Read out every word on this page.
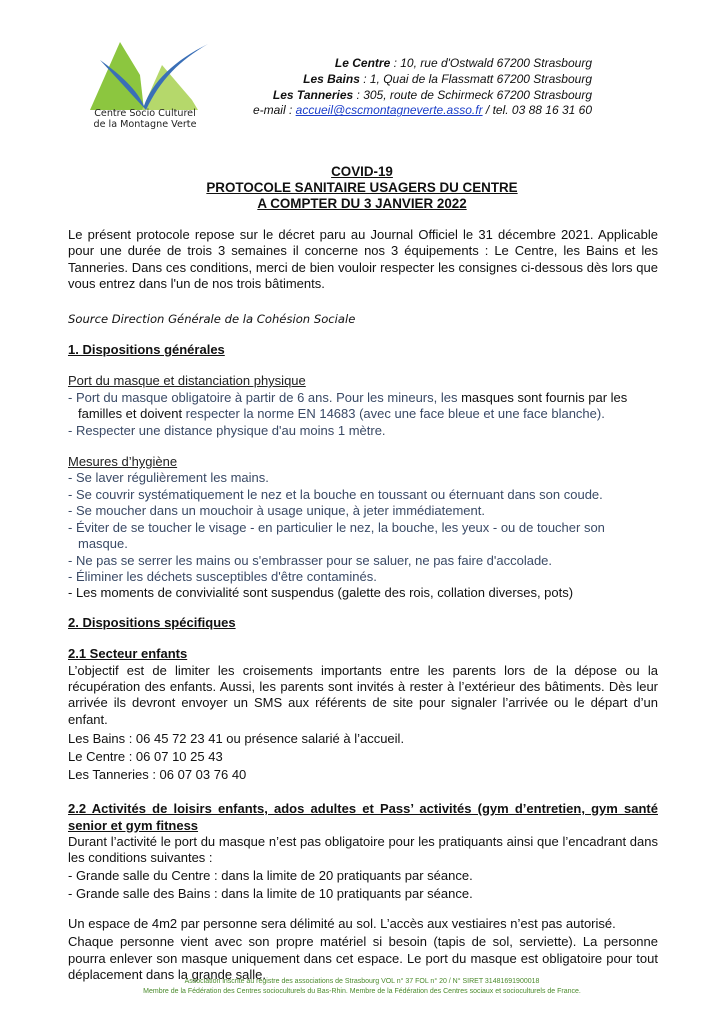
Centre Socio Culturel
de la Montagne Verte
Le Centre : 10, rue d'Ostwald 67200 Strasbourg
Les Bains : 1, Quai de la Flassmatt 67200 Strasbourg
Les Tanneries : 305, route de Schirmeck 67200 Strasbourg
e-mail : accueil@cscmontagneverte.asso.fr / tel. 03 88 16 31 60
COVID-19
PROTOCOLE SANITAIRE USAGERS DU CENTRE
A COMPTER DU 3 JANVIER 2022

Le présent protocole repose sur le décret paru au Journal Officiel le 31 décembre 2021. Applicable pour une durée de trois 3 semaines il concerne nos 3 équipements : Le Centre, les Bains et les Tanneries. Dans ces conditions, merci de bien vouloir respecter les consignes ci-dessous dès lors que vous entrez dans l'un de nos trois bâtiments.

Source Direction Générale de la Cohésion Sociale

1. Dispositions générales

Port du masque et distanciation physique

- Port du masque obligatoire à partir de 6 ans. Pour les mineurs, les masques sont fournis par les
familles et doivent respecter la norme EN 14683 (avec une face bleue et une face blanche).

- Respecter une distance physique d'au moins 1 mètre.

Mesures d’hygiène

- Se laver régulièrement les mains.

- Se couvrir systématiquement le nez et la bouche en toussant ou éternuant dans son coude.

- Se moucher dans un mouchoir à usage unique, à jeter immédiatement.

- Éviter de se toucher le visage - en particulier le nez, la bouche, les yeux - ou de toucher son masque.

- Ne pas se serrer les mains ou s'embrasser pour se saluer, ne pas faire d'accolade.

- Éliminer les déchets susceptibles d'être contaminés.

- Les moments de convivialité sont suspendus (galette des rois, collation diverses, pots)

2. Dispositions spécifiques

2.1 Secteur enfants

L’objectif est de limiter les croisements importants entre les parents lors de la dépose ou la récupération des enfants. Aussi, les parents sont invités à rester à l’extérieur des bâtiments. Dès leur arrivée ils devront envoyer un SMS aux référents de site pour signaler l’arrivée ou le départ d’un enfant.

Les Bains : 06 45 72 23 41 ou présence salarié à l’accueil.

Le Centre : 06 07 10 25 43

Les Tanneries : 06 07 03 76 40

2.2 Activités de loisirs enfants, ados adultes et Pass’ activités (gym d’entretien, gym santé senior et gym fitness

Durant l’activité le port du masque n’est pas obligatoire pour les pratiquants ainsi que l’encadrant dans les conditions suivantes :

- Grande salle du Centre : dans la limite de 20 pratiquants par séance.

- Grande salle des Bains : dans la limite de 10 pratiquants par séance.

Un espace de 4m2 par personne sera délimité au sol. L’accès aux vestiaires n’est pas autorisé.

Chaque personne vient avec son propre matériel si besoin (tapis de sol, serviette). La personne pourra enlever son masque uniquement dans cet espace. Le port du masque est obligatoire pour tout déplacement dans la grande salle.

Association inscrite au registre des associations de Strasbourg VOL n° 37 FOL n° 20 / N° SIRET 31481691900018
Membre de la Fédération des Centres socioculturels du Bas-Rhin. Membre de la Fédération des Centres sociaux et socioculturels de France.
